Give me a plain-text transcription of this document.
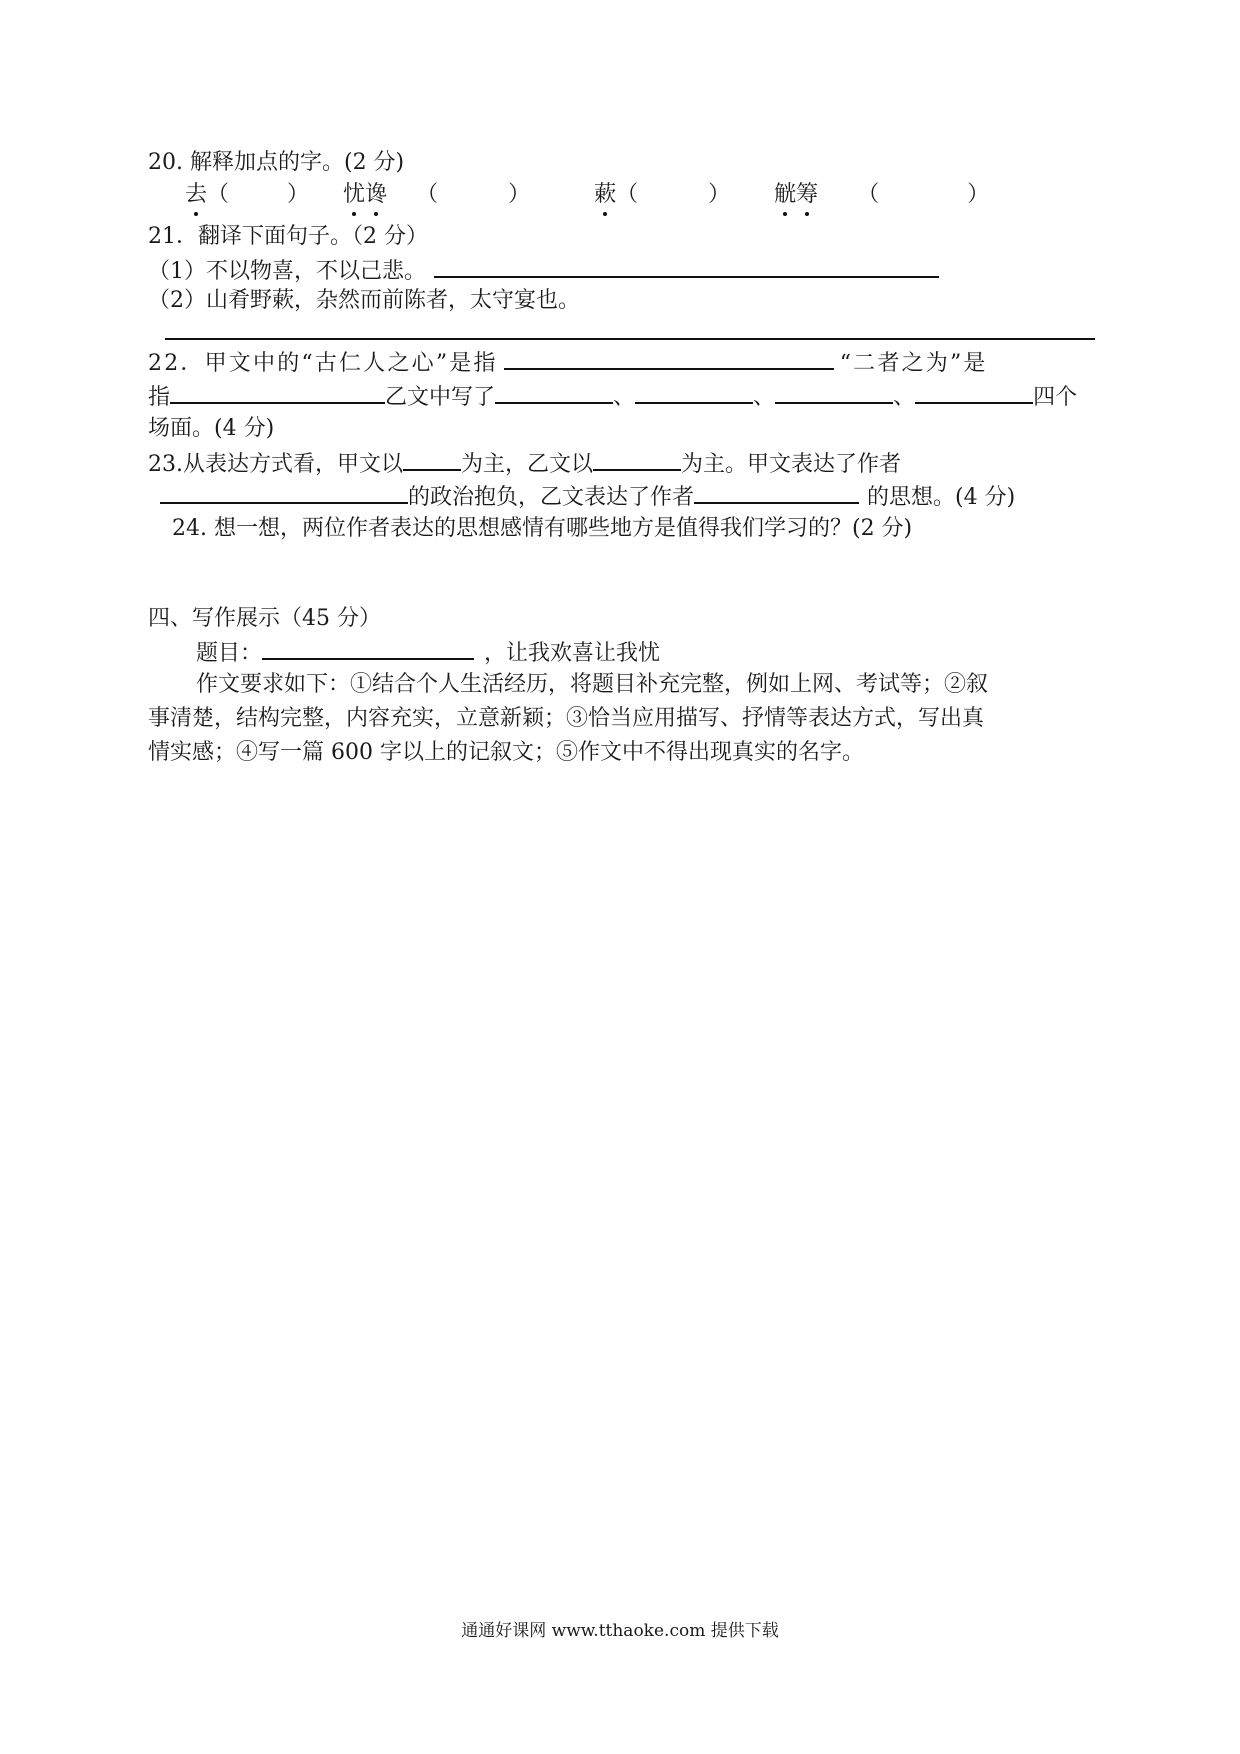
20. 解释加点的字。(2 分)
去（	） 忧谗 （	）	蔌（	） 觥筹 （	）
21．翻译下面句子。（2 分）
（1）不以物喜，不以己悲。
（2）山肴野蔌，杂然而前陈者，太守宴也。
22．甲文中的“古仁人之心”是指	“二者之为”是
指	乙文中写了	、	、	、	四个
场面。(4 分)
23.从表达方式看，甲文以	为主，乙文以	为主。甲文表达了作者
的政治抱负，乙文表达了作者	的思想。(4 分)
24. 想一想，两位作者表达的思想感情有哪些地方是值得我们学习的？(2 分)
四、写作展示（45 分）
题目：	，让我欢喜让我忧
作文要求如下：①结合个人生活经历，将题目补充完整，例如上网、考试等；②叙
事清楚，结构完整，内容充实，立意新颖；③恰当应用描写、抒情等表达方式，写出真
情实感；④写一篇 600 字以上的记叙文；⑤作文中不得出现真实的名字。
通通好课网 www.tthaoke.com 提供下载
